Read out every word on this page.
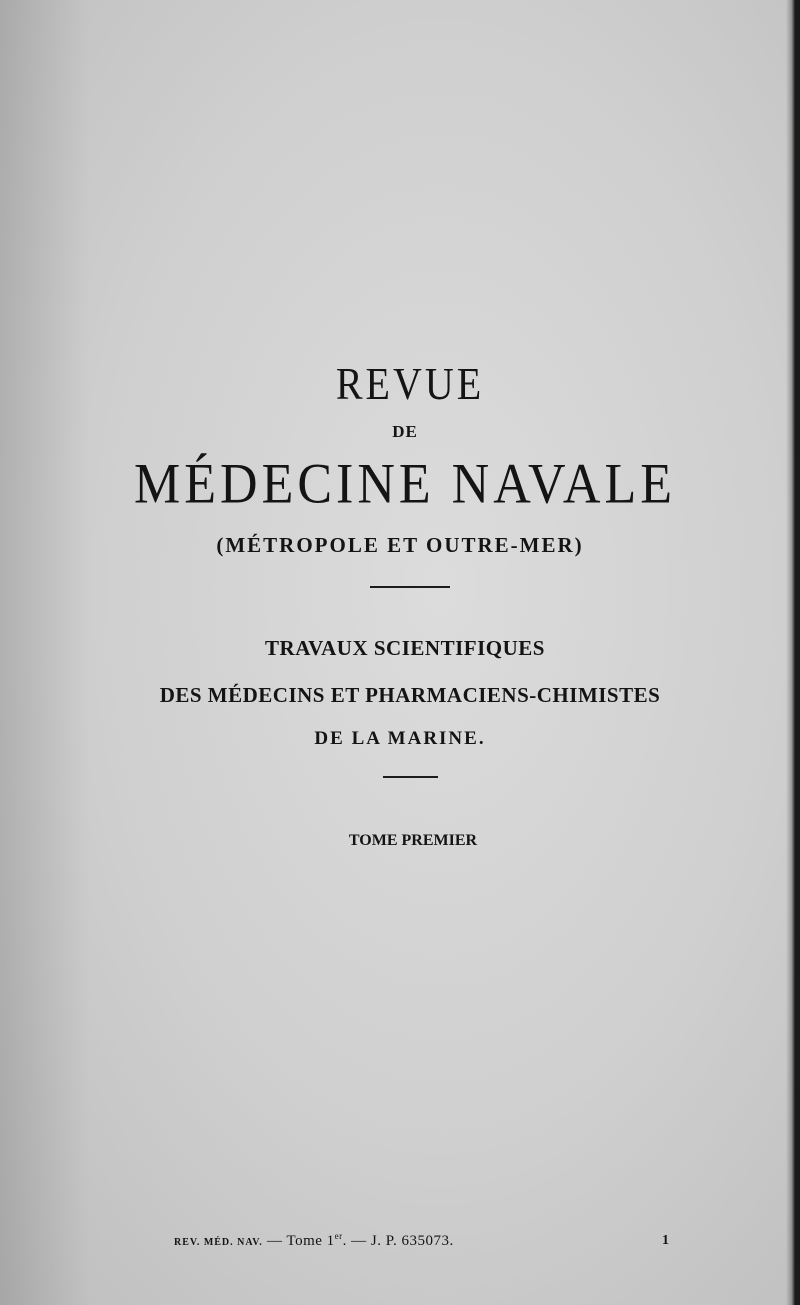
REVUE
DE
MÉDECINE NAVALE
(MÉTROPOLE ET OUTRE-MER)
TRAVAUX SCIENTIFIQUES
DES MÉDECINS ET PHARMACIENS-CHIMISTES
DE LA MARINE.
TOME PREMIER
REV. MÉD. NAV. — Tome 1er. — J. P. 635073.	1
